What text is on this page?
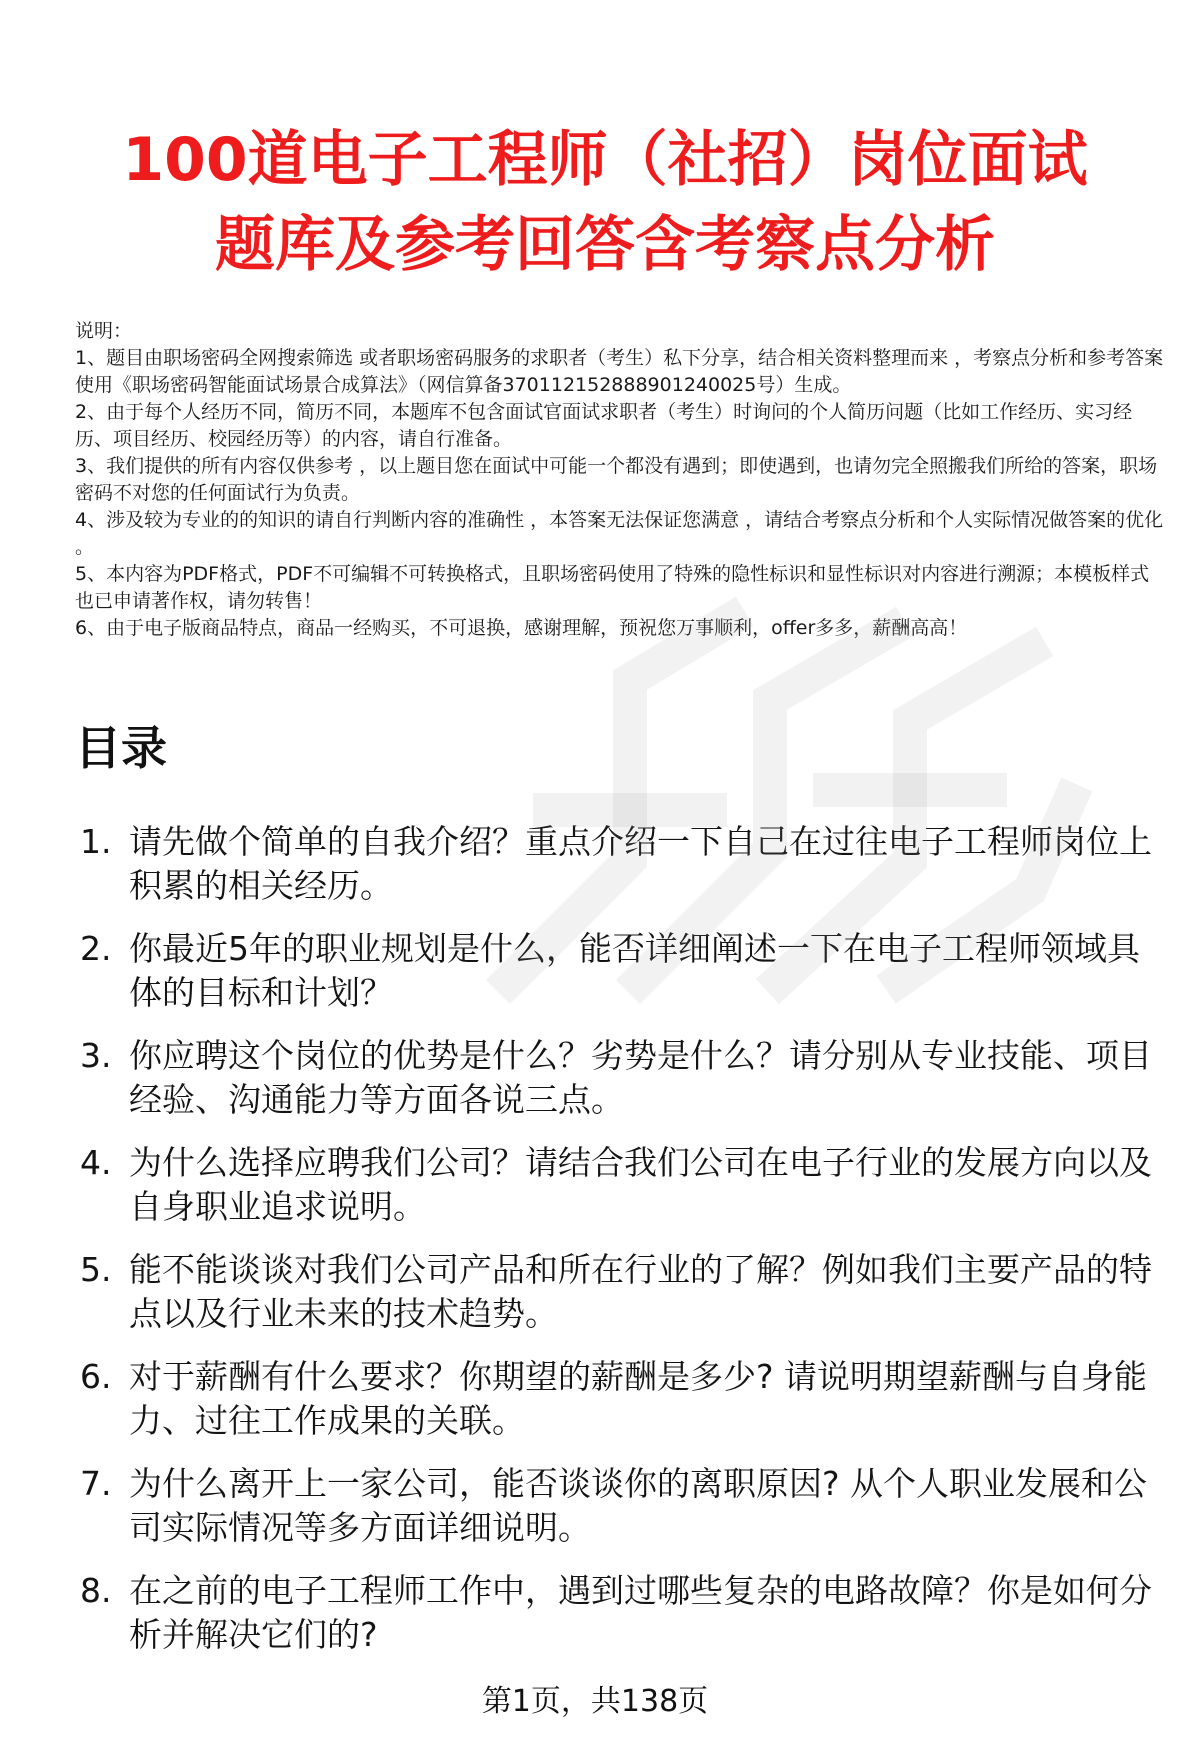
100道电子工程师（社招）岗位面试
题库及参考回答含考察点分析
说明：
1、题目由职场密码全网搜索筛选 或者职场密码服务的求职者（考生）私下分享，结合相关资料整理而来 ，考察点分析和参考答案使用《职场密码智能面试场景合成算法》（网信算备370112152888901240025号）生成。
2、由于每个人经历不同，简历不同，本题库不包含面试官面试求职者（考生）时询问的个人简历问题（比如工作经历、实习经历、项目经历、校园经历等）的内容，请自行准备。
3、我们提供的所有内容仅供参考 ，以上题目您在面试中可能一个都没有遇到；即使遇到，也请勿完全照搬我们所给的答案，职场密码不对您的任何面试行为负责。
4、涉及较为专业的的知识的请自行判断内容的准确性 ，本答案无法保证您满意 ，请结合考察点分析和个人实际情况做答案的优化 。
5、本内容为PDF格式，PDF不可编辑不可转换格式，且职场密码使用了特殊的隐性标识和显性标识对内容进行溯源；本模板样式也已申请著作权，请勿转售！
6、由于电子版商品特点，商品一经购买，不可退换，感谢理解，预祝您万事顺利，offer多多，薪酬高高！
目录
1. 请先做个简单的自我介绍？重点介绍一下自己在过往电子工程师岗位上积累的相关经历。
2. 你最近5年的职业规划是什么，能否详细阐述一下在电子工程师领域具体的目标和计划？
3. 你应聘这个岗位的优势是什么？劣势是什么？请分别从专业技能、项目经验、沟通能力等方面各说三点。
4. 为什么选择应聘我们公司？请结合我们公司在电子行业的发展方向以及自身职业追求说明。
5. 能不能谈谈对我们公司产品和所在行业的了解？例如我们主要产品的特点以及行业未来的技术趋势。
6. 对于薪酬有什么要求？你期望的薪酬是多少? 请说明期望薪酬与自身能力、过往工作成果的关联。
7. 为什么离开上一家公司，能否谈谈你的离职原因? 从个人职业发展和公司实际情况等多方面详细说明。
8. 在之前的电子工程师工作中，遇到过哪些复杂的电路故障？你是如何分析并解决它们的?
第1页，共138页
